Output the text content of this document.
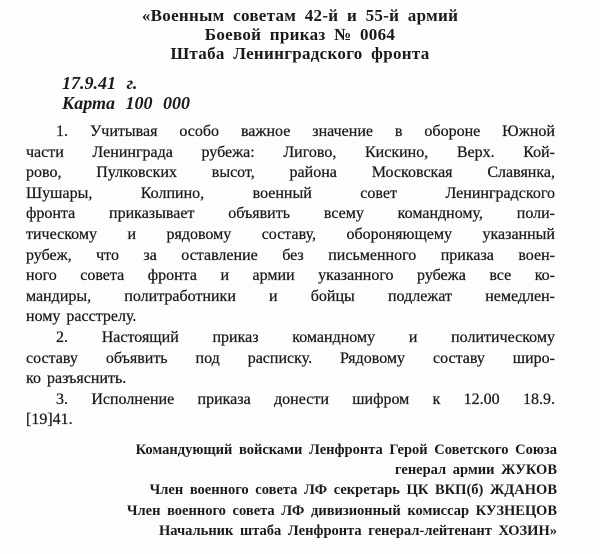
«Военным советам 42-й и 55-й армий
Боевой приказ № 0064
Штаба Ленинградского фронта
17.9.41 г.
Карта 100 000
1. Учитывая особо важное значение в обороне Южной
части Ленинграда рубежа: Лигово, Кискино, Верх. Кой-
рово, Пулковских высот, района Московская Славянка,
Шушары, Колпино, военный совет Ленинградского
фронта приказывает объявить всему командному, поли-
тическому и рядовому составу, обороняющему указанный
рубеж, что за оставление без письменного приказа воен-
ного совета фронта и армии указанного рубежа все ко-
мандиры, политработники и бойцы подлежат немедлен-
ному расстрелу.
2. Настоящий приказ командному и политическому
составу объявить под расписку. Рядовому составу широ-
ко разъяснить.
3. Исполнение приказа донести шифром к 12.00 18.9.
[19]41.
Командующий войсками Ленфронта Герой Советского Союза
генерал армии ЖУКОВ
Член военного совета ЛФ секретарь ЦК ВКП(б) ЖДАНОВ
Член военного совета ЛФ дивизионный комиссар КУЗНЕЦОВ
Начальник штаба Ленфронта генерал-лейтенант ХОЗИН»
